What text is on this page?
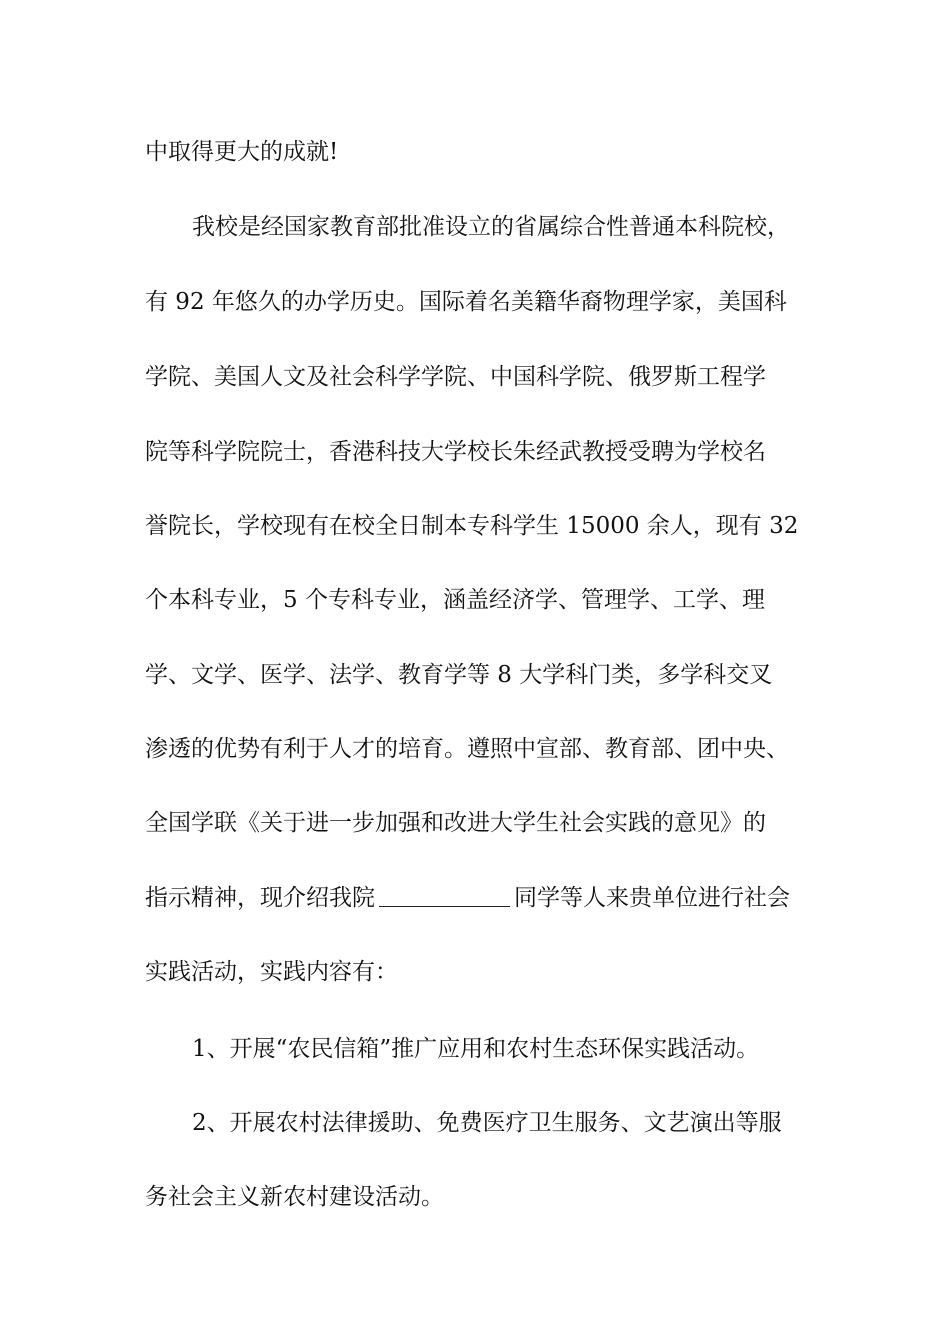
中取得更大的成就!
我校是经国家教育部批准设立的省属综合性普通本科院校，
有 92 年悠久的办学历史。国际着名美籍华裔物理学家，美国科
学院、美国人文及社会科学学院、中国科学院、俄罗斯工程学
院等科学院院士，香港科技大学校长朱经武教授受聘为学校名
誉院长，学校现有在校全日制本专科学生 15000 余人，现有 32
个本科专业，5 个专科专业，涵盖经济学、管理学、工学、理
学、文学、医学、法学、教育学等 8 大学科门类，多学科交叉
渗透的优势有利于人才的培育。遵照中宣部、教育部、团中央、
全国学联《关于进一步加强和改进大学生社会实践的意见》的
指示精神，现介绍我院	同学等人来贵单位进行社会
实践活动，实践内容有：
1、开展“农民信箱”推广应用和农村生态环保实践活动。
2、开展农村法律援助、免费医疗卫生服务、文艺演出等服
务社会主义新农村建设活动。
